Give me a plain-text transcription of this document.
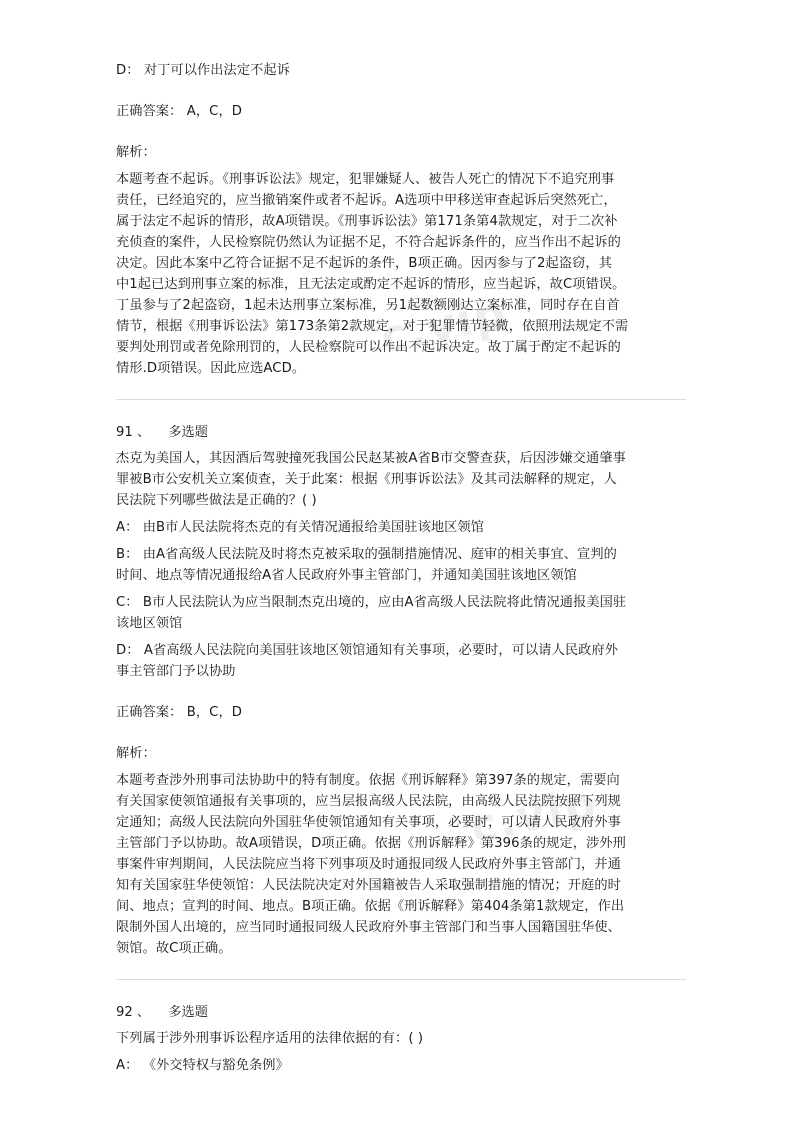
c.vip
c.vip
D： 对丁可以作出法定不起诉
正确答案： A，C，D
解析：
本题考查不起诉。《刑事诉讼法》规定，犯罪嫌疑人、被告人死亡的情况下不追究刑事
责任，已经追究的，应当撤销案件或者不起诉。A选项中甲移送审查起诉后突然死亡，
属于法定不起诉的情形，故A项错误。《刑事诉讼法》第171条第4款规定，对于二次补
充侦查的案件，人民检察院仍然认为证据不足，不符合起诉条件的，应当作出不起诉的
决定。因此本案中乙符合证据不足不起诉的条件，B项正确。因丙参与了2起盗窃，其
中1起已达到刑事立案的标准，且无法定或酌定不起诉的情形，应当起诉，故C项错误。
丁虽参与了2起盗窃，1起未达刑事立案标准，另1起数额刚达立案标准，同时存在自首
情节，根据《刑事诉讼法》第173条第2款规定，对于犯罪情节轻微，依照刑法规定不需
要判处刑罚或者免除刑罚的，人民检察院可以作出不起诉决定。故丁属于酌定不起诉的
情形.D项错误。因此应选ACD。
91 、 多选题
杰克为美国人，其因酒后驾驶撞死我国公民赵某被A省B市交警查获，后因涉嫌交通肇事
罪被B市公安机关立案侦查，关于此案：根据《刑事诉讼法》及其司法解释的规定，人
民法院下列哪些做法是正确的？( )
A： 由B市人民法院将杰克的有关情况通报给美国驻该地区领馆
B： 由A省高级人民法院及时将杰克被采取的强制措施情况、庭审的相关事宜、宣判的
时间、地点等情况通报给A省人民政府外事主管部门，并通知美国驻该地区领馆
C： B市人民法院认为应当限制杰克出境的，应由A省高级人民法院将此情况通报美国驻
该地区领馆
D： A省高级人民法院向美国驻该地区领馆通知有关事项，必要时，可以请人民政府外
事主管部门予以协助
正确答案： B，C，D
解析：
本题考查涉外刑事司法协助中的特有制度。依据《刑诉解释》第397条的规定，需要向
有关国家使领馆通报有关事项的，应当层报高级人民法院，由高级人民法院按照下列规
定通知；高级人民法院向外国驻华使领馆通知有关事项，必要时，可以请人民政府外事
主管部门予以协助。故A项错误，D项正确。依据《刑诉解释》第396条的规定，涉外刑
事案件审判期间，人民法院应当将下列事项及时通报同级人民政府外事主管部门，并通
知有关国家驻华使领馆：人民法院决定对外国籍被告人采取强制措施的情况；开庭的时
间、地点；宣判的时间、地点。B项正确。依据《刑诉解释》第404条第1款规定，作出
限制外国人出境的，应当同时通报同级人民政府外事主管部门和当事人国籍国驻华使、
领馆。故C项正确。
92 、 多选题
下列属于涉外刑事诉讼程序适用的法律依据的有：( )
A： 《外交特权与豁免条例》
